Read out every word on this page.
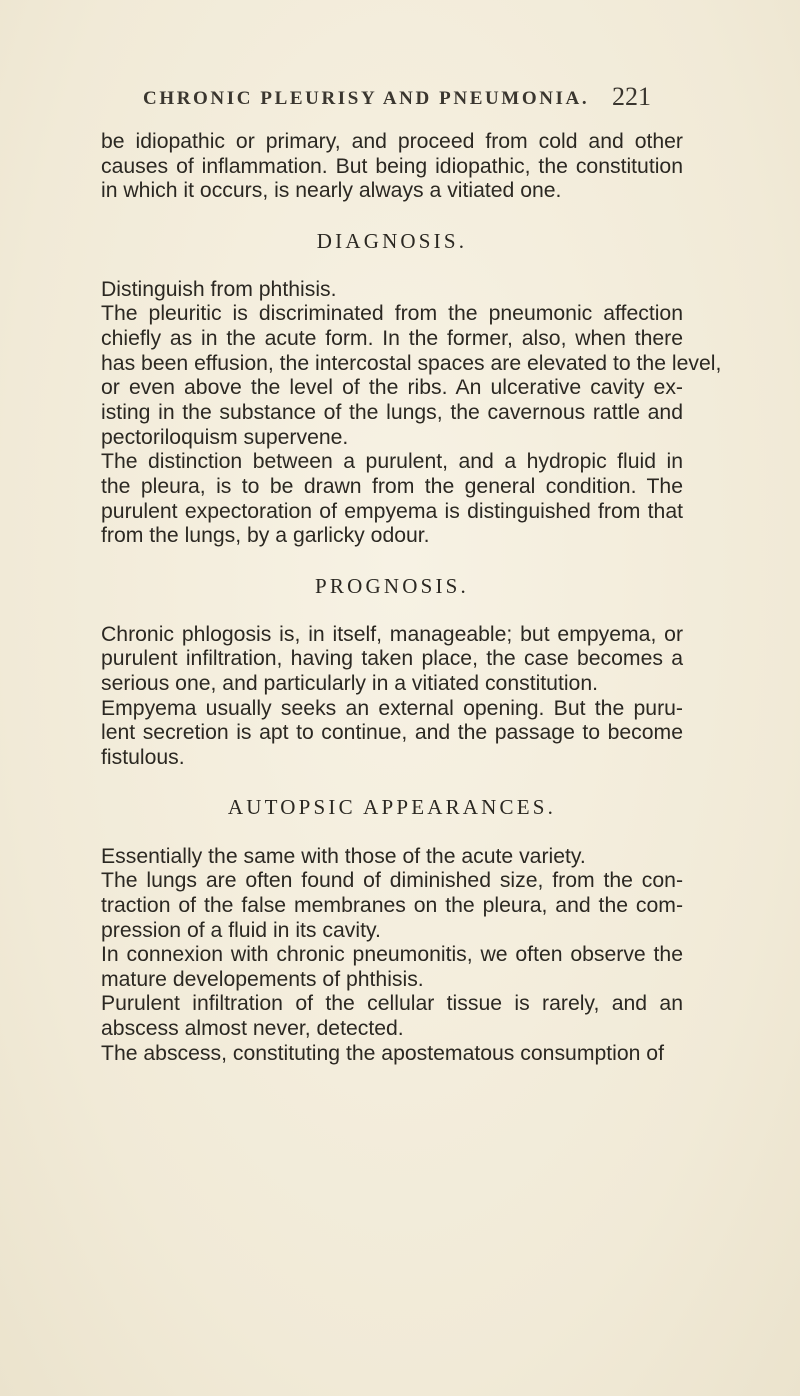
CHRONIC PLEURISY AND PNEUMONIA. 221
be idiopathic or primary, and proceed from cold and other
causes of inflammation. But being idiopathic, the constitution
in which it occurs, is nearly always a vitiated one.
DIAGNOSIS.
Distinguish from phthisis.
The pleuritic is discriminated from the pneumonic affection
chiefly as in the acute form. In the former, also, when there
has been effusion, the intercostal spaces are elevated to the level,
or even above the level of the ribs. An ulcerative cavity ex-
isting in the substance of the lungs, the cavernous rattle and
pectoriloquism supervene.
The distinction between a purulent, and a hydropic fluid in
the pleura, is to be drawn from the general condition. The
purulent expectoration of empyema is distinguished from that
from the lungs, by a garlicky odour.
PROGNOSIS.
Chronic phlogosis is, in itself, manageable; but empyema, or
purulent infiltration, having taken place, the case becomes a
serious one, and particularly in a vitiated constitution.
Empyema usually seeks an external opening. But the puru-
lent secretion is apt to continue, and the passage to become
fistulous.
AUTOPSIC APPEARANCES.
Essentially the same with those of the acute variety.
The lungs are often found of diminished size, from the con-
traction of the false membranes on the pleura, and the com-
pression of a fluid in its cavity.
In connexion with chronic pneumonitis, we often observe the
mature developements of phthisis.
Purulent infiltration of the cellular tissue is rarely, and an
abscess almost never, detected.
The abscess, constituting the apostematous consumption of
